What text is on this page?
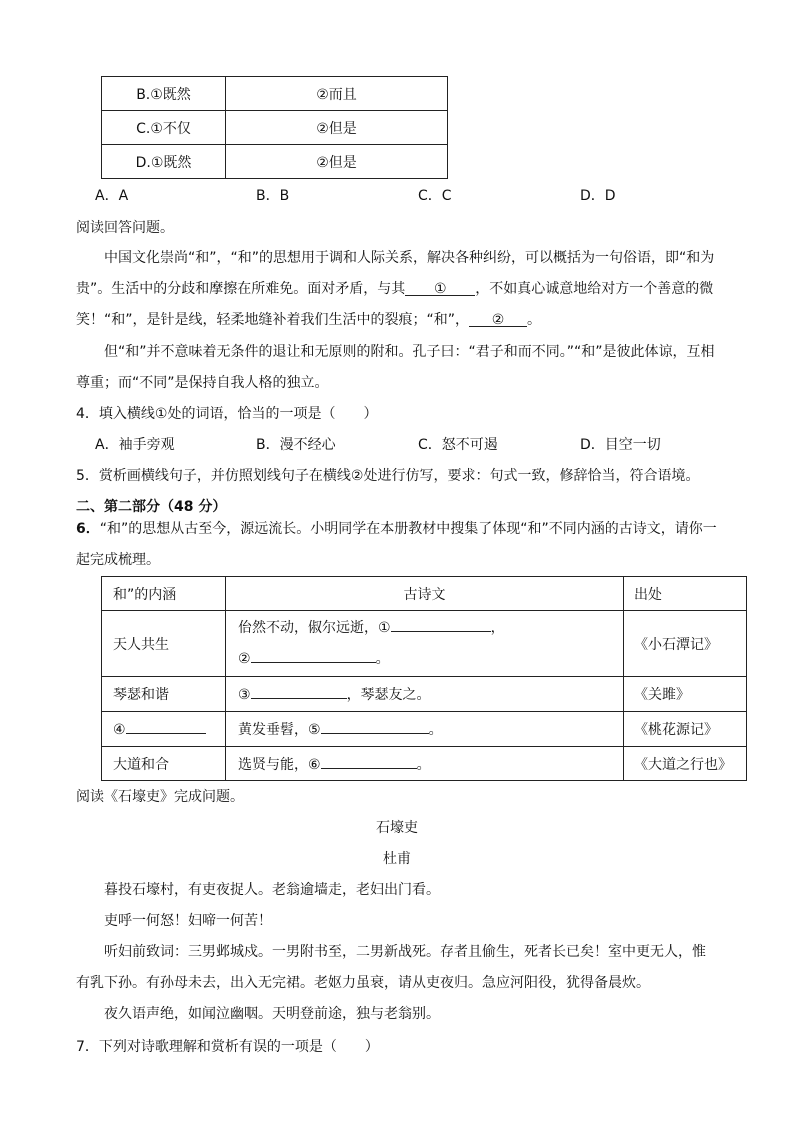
B.①既然	②而且
C.①不仅	②但是
D.①既然	②但是
A．A	B．B	C．C	D．D
阅读回答问题。
中国文化崇尚“和”，“和”的思想用于调和人际关系，解决各种纠纷，可以概括为一句俗语，即“和为
贵”。生活中的分歧和摩擦在所难免。面对矛盾，与其 ① ，不如真心诚意地给对方一个善意的微
笑！“和”，是针是线，轻柔地缝补着我们生活中的裂痕；“和”， ② 。
但“和”并不意味着无条件的退让和无原则的附和。孔子曰：“君子和而不同。”“和”是彼此体谅，互相
尊重；而“不同”是保持自我人格的独立。
4．填入横线①处的词语，恰当的一项是（　　）
A．袖手旁观	B．漫不经心	C．怒不可遏	D．目空一切
5．赏析画横线句子，并仿照划线句子在横线②处进行仿写，要求：句式一致，修辞恰当，符合语境。
二、第二部分（48 分）
6．“和”的思想从古至今，源远流长。小明同学在本册教材中搜集了体现“和”不同内涵的古诗文，请你一
起完成梳理。
和”的内涵	古诗文	出处
天人共生	佁然不动，俶尔远逝，① ，
② 。	《小石潭记》
琴瑟和谐	③ ，琴瑟友之。	《关雎》
④	黄发垂髫，⑤ 。	《桃花源记》
大道和合	选贤与能，⑥ 。	《大道之行也》
阅读《石壕吏》完成问题。
石壕吏
杜甫
暮投石壕村，有吏夜捉人。老翁逾墙走，老妇出门看。
吏呼一何怒！妇啼一何苦！
听妇前致词：三男邺城戍。一男附书至，二男新战死。存者且偷生，死者长已矣！室中更无人，惟
有乳下孙。有孙母未去，出入无完裙。老妪力虽衰，请从吏夜归。急应河阳役，犹得备晨炊。
夜久语声绝，如闻泣幽咽。天明登前途，独与老翁别。
7．下列对诗歌理解和赏析有误的一项是（　　）
